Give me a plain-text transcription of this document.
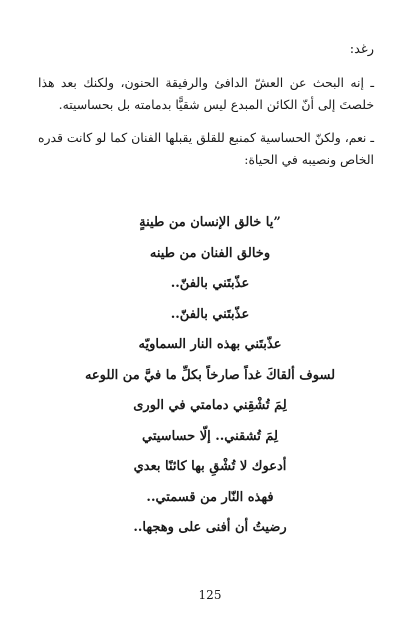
رغد:

ـ إنه البحث عن العشّ الدافئ والرفيقة الحنون، ولكنك بعد هذا خلصتَ إلى أنّ الكائن المبدع ليس شقيًّا بدمامته بل بحساسيته.

ـ نعم، ولكنّ الحساسية كمنبع للقلق يقبلها الفنان كما لو كانت قدره الخاص ونصيبه في الحياة:

”يا خالق الإنسان من طينةٍ
وخالق الفنان من طينه
عذّبتَني بالفنّ..
عذّبتَني بالفنّ..
عذّبتَني بهذه النار السماويّه
لسوف ألقاكَ غداً صارخاً بكلِّ ما فيَّ من اللوعه
لِمَ تُشْقِني دمامتي في الورى
لِمَ تُشقني.. إلّا حساسيتي
أدعوك لا تُشْقِ بها كائنًا بعدي
فهذه النّار من قسمتي..
رضيتُ أن أفنى على وهجها..
125
